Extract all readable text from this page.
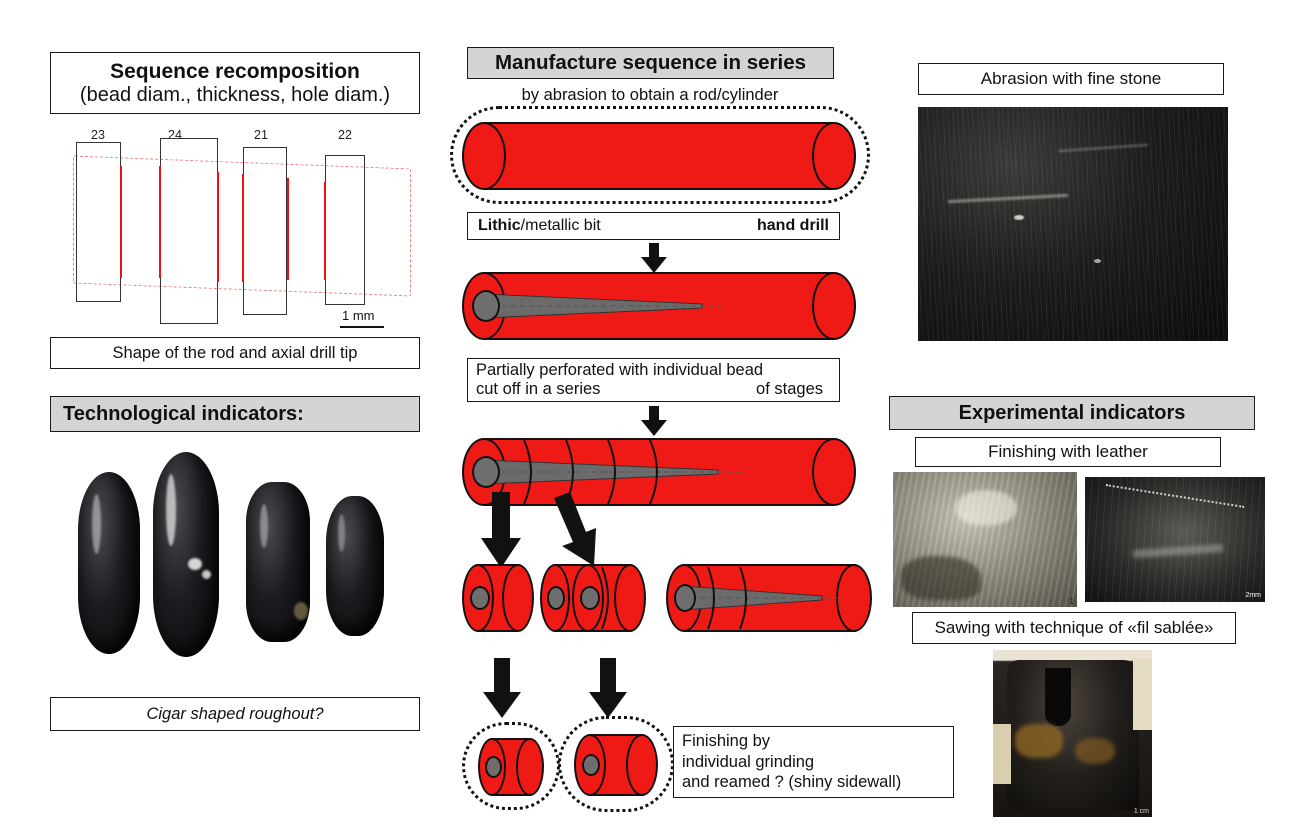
Sequence recomposition
(bead diam., thickness, hole diam.)
23	24	21	22
1 mm
Shape of the rod and axial drill tip
Technological indicators:
Cigar shaped roughout?
Manufacture sequence in series
by abrasion to obtain a rod/cylinder
Lithic/metallic bit	hand drill
Partially perforated with individual bead
cut off in a series	of stages
Finishing by
individual grinding
and reamed ? (shiny sidewall)
Abrasion with fine stone
Experimental indicators
Finishing with leather
1
2mm
Sawing with technique of «fil sablée»
1 cm
